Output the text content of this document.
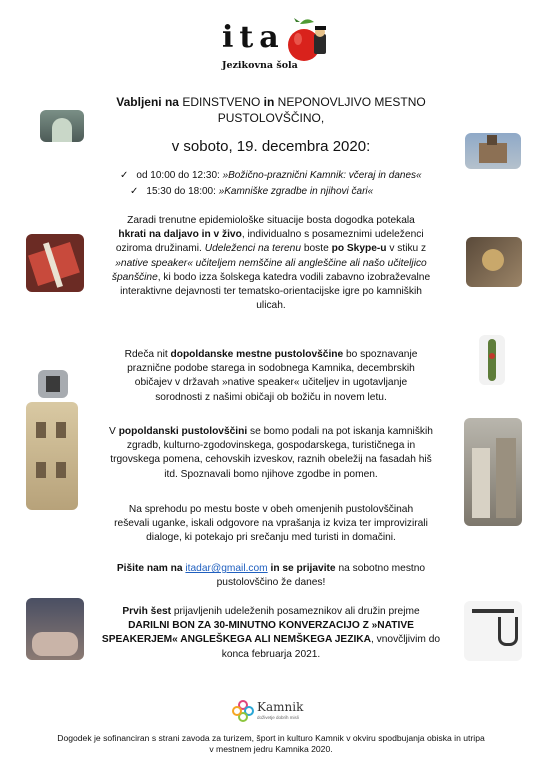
ita
Jezikovna šola
Vabljeni na EDINSTVENO in NEPONOVLJIVO MESTNO
PUSTOLOVŠČINO,
v soboto, 19. decembra 2020:
✓ od 10:00 do 12:30: »Božično-praznični Kamnik: včeraj in danes«
✓ 15:30 do 18:00: »Kamniške zgradbe in njihovi čari«
Zaradi trenutne epidemiološke situacije bosta dogodka potekala
hkrati na daljavo in v živo, individualno s posameznimi udeleženci
oziroma družinami. Udeleženci na terenu boste po Skype-u v stiku z
»native speaker« učiteljem nemščine ali angleščine ali našo učiteljico
španščine, ki bodo izza šolskega katedra vodili zabavno izobraževalne
interaktivne dejavnosti ter tematsko-orientacijske igre po kamniških
ulicah.
Rdeča nit dopoldanske mestne pustolovščine bo spoznavanje
praznične podobe starega in sodobnega Kamnika, decembrskih
običajev v državah »native speaker« učiteljev in ugotavljanje
sorodnosti z našimi običaji ob božiču in novem letu.
V popoldanski pustolovščini se bomo podali na pot iskanja kamniških
zgradb, kulturno-zgodovinskega, gospodarskega, turističnega in
trgovskega pomena, cehovskih izveskov, raznih obeležij na fasadah hiš
itd. Spoznavali bomo njihove zgodbe in pomen.
Na sprehodu po mestu boste v obeh omenjenih pustolovščinah
reševali uganke, iskali odgovore na vprašanja iz kviza ter improvizirali
dialoge, ki potekajo pri srečanju med turisti in domačini.
Pišite nam na itadar@gmail.com in se prijavite na sobotno mestno
pustolovščino že danes!
Prvih šest prijavljenih udeleženih posameznikov ali družin prejme
DARILNI BON ZA 30-MINUTNO KONVERZACIJO Z »NATIVE
SPEAKERJEM« ANGLEŠKEGA ALI NEMŠKEGA JEZIKA, vnovčljivim do
konca februarja 2021.
Kamnik
doživetje dobrih misli
Dogodek je sofinanciran s strani zavoda za turizem, šport in kulturo Kamnik v okviru spodbujanja obiska in utripa
v mestnem jedru Kamnika 2020.
